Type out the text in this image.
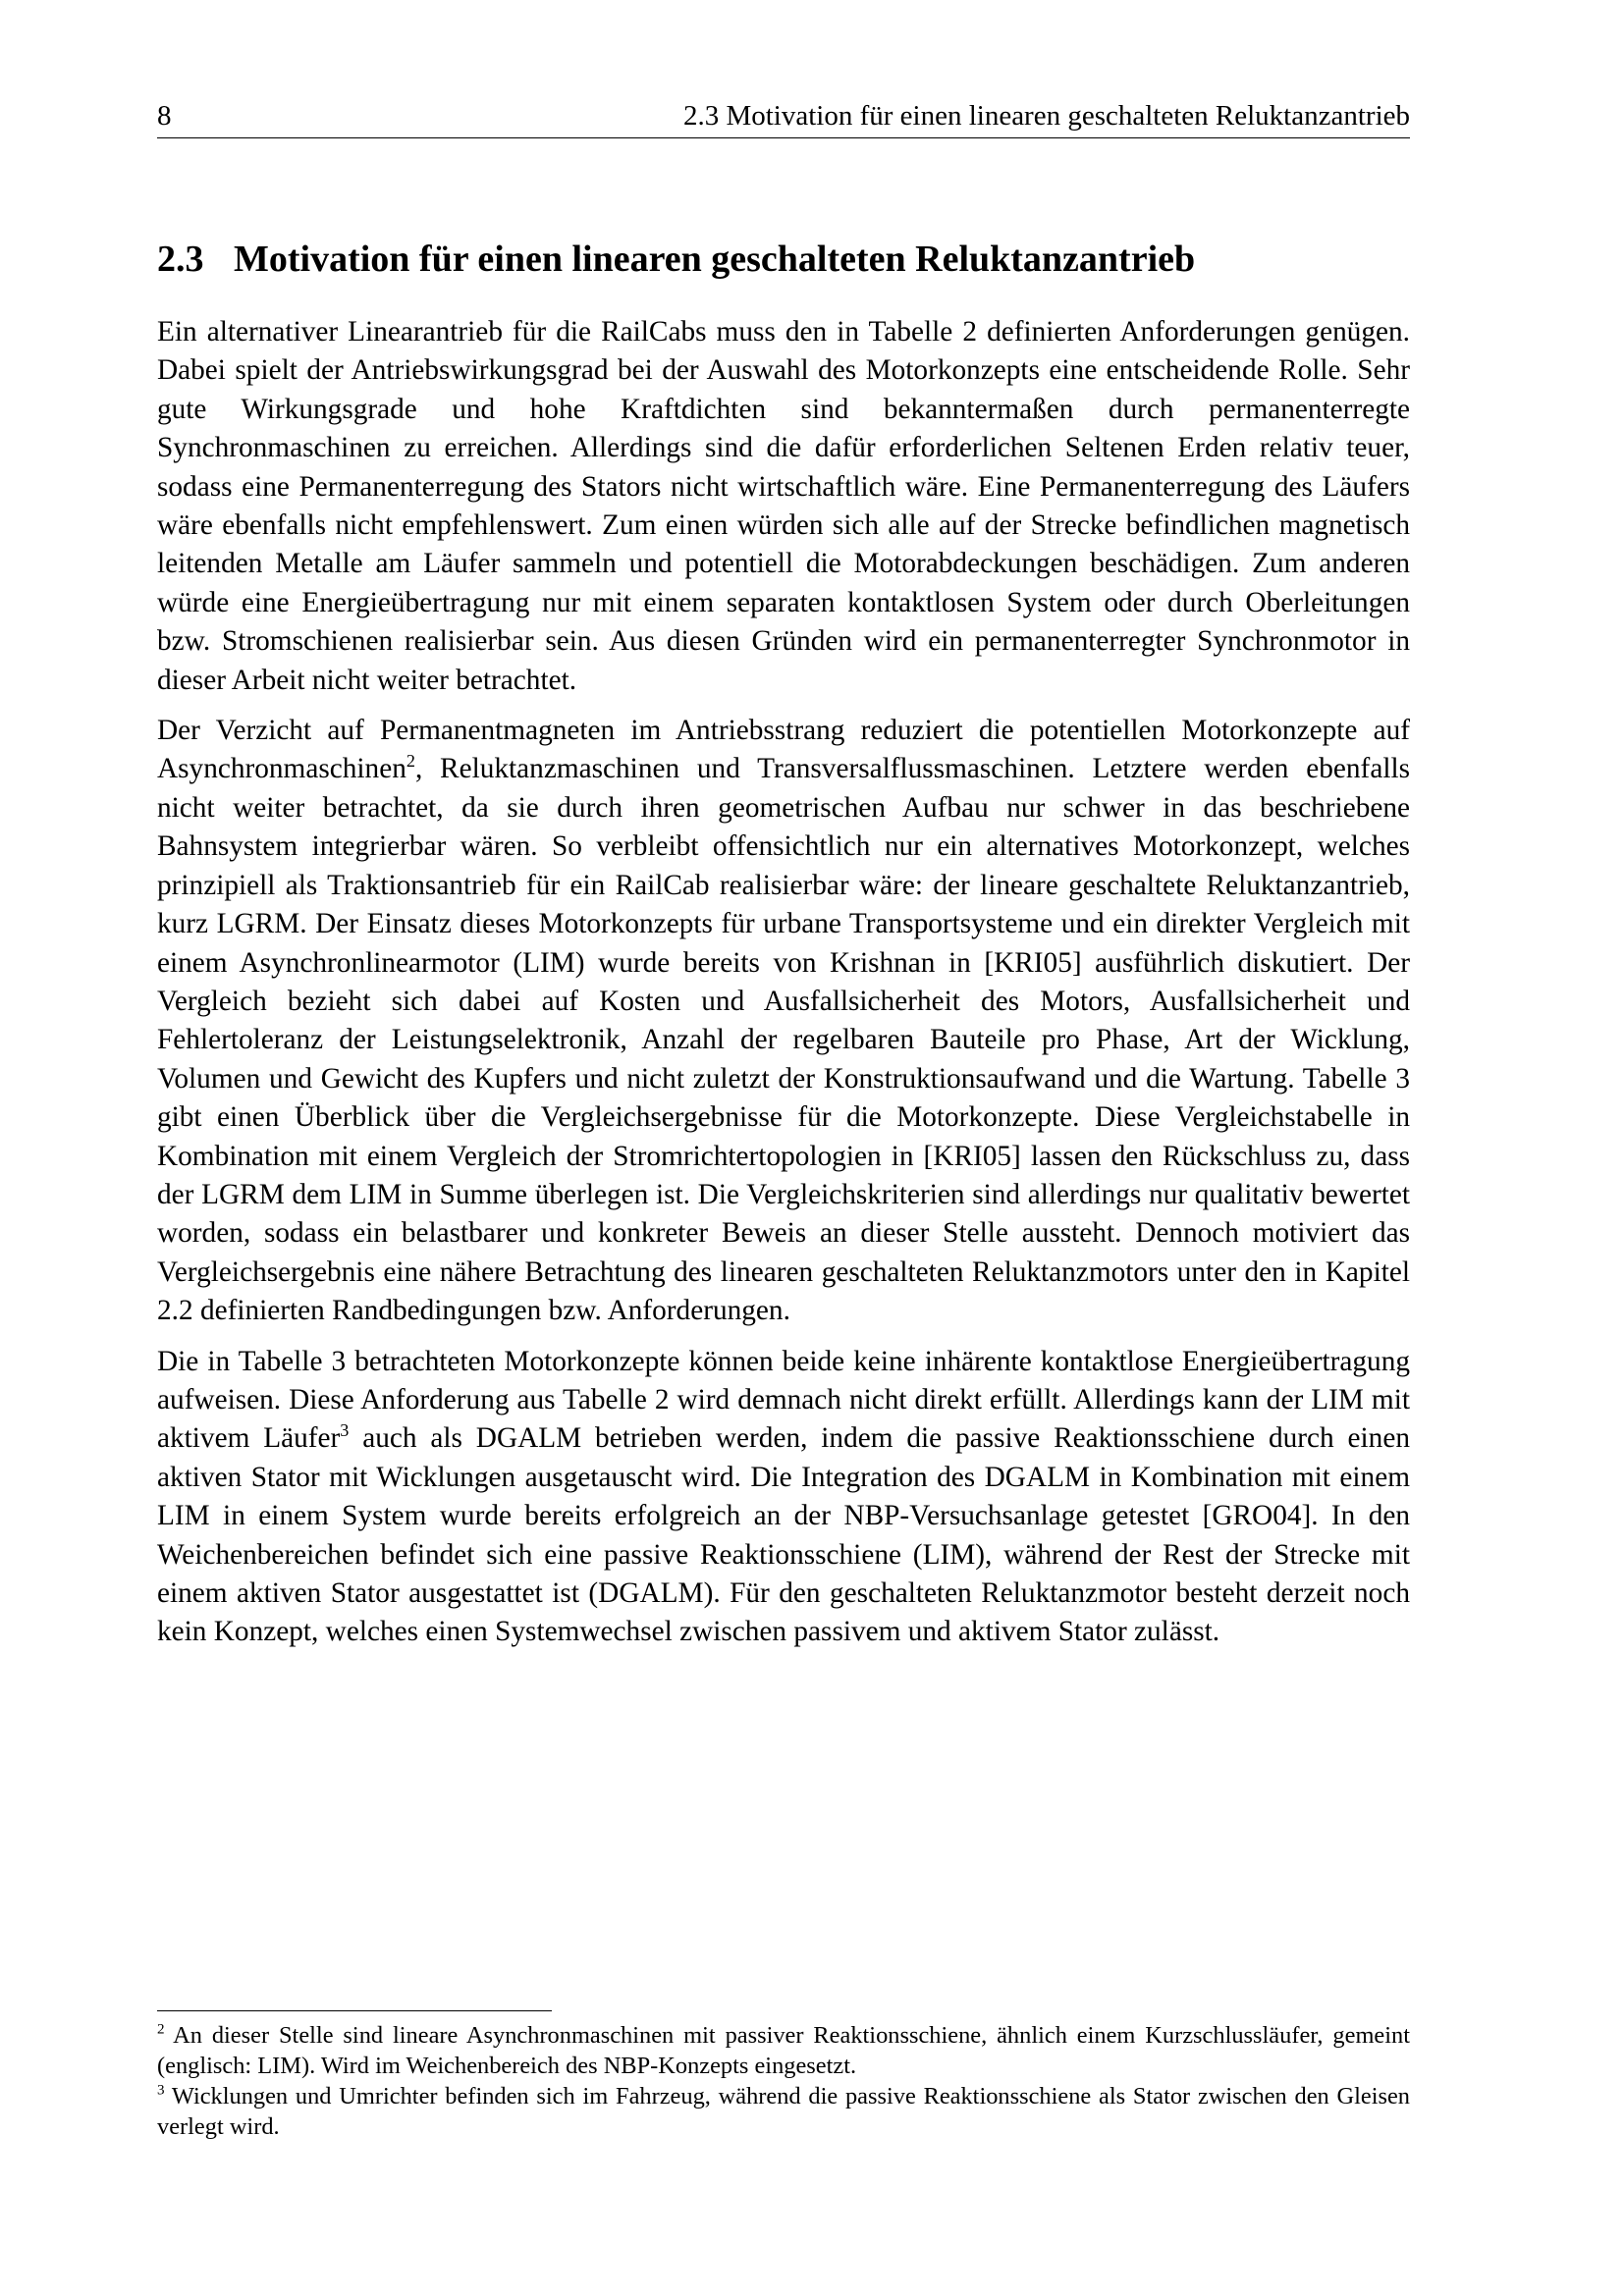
8	2.3 Motivation für einen linearen geschalteten Reluktanzantrieb
2.3 Motivation für einen linearen geschalteten Reluktanzantrieb

Ein alternativer Linearantrieb für die RailCabs muss den in Tabelle 2 definierten Anforderungen genügen. Dabei spielt der Antriebswirkungsgrad bei der Auswahl des Motorkonzepts eine entscheidende Rolle. Sehr gute Wirkungsgrade und hohe Kraftdichten sind bekanntermaßen durch permanenterregte Synchronmaschinen zu erreichen. Allerdings sind die dafür erforderlichen Seltenen Erden relativ teuer, sodass eine Permanenterregung des Stators nicht wirtschaftlich wäre. Eine Permanenterregung des Läufers wäre ebenfalls nicht empfehlenswert. Zum einen würden sich alle auf der Strecke befindlichen magnetisch leitenden Metalle am Läufer sammeln und potentiell die Motorabdeckungen beschädigen. Zum anderen würde eine Energieübertragung nur mit einem separaten kontaktlosen System oder durch Oberleitungen bzw. Stromschienen realisierbar sein. Aus diesen Gründen wird ein permanenterregter Synchronmotor in dieser Arbeit nicht weiter betrachtet.

Der Verzicht auf Permanentmagneten im Antriebsstrang reduziert die potentiellen Motorkonzepte auf Asynchronmaschinen$^2$, Reluktanzmaschinen und Transversalflussmaschinen. Letztere werden ebenfalls nicht weiter betrachtet, da sie durch ihren geometrischen Aufbau nur schwer in das beschriebene Bahnsystem integrierbar wären. So verbleibt offensichtlich nur ein alternatives Motorkonzept, welches prinzipiell als Traktionsantrieb für ein RailCab realisierbar wäre: der lineare geschaltete Reluktanzantrieb, kurz LGRM. Der Einsatz dieses Motorkonzepts für urbane Transportsysteme und ein direkter Vergleich mit einem Asynchronlinearmotor (LIM) wurde bereits von Krishnan in [KRI05] ausführlich diskutiert. Der Vergleich bezieht sich dabei auf Kosten und Ausfallsicherheit des Motors, Ausfallsicherheit und Fehlertoleranz der Leistungselektronik, Anzahl der regelbaren Bauteile pro Phase, Art der Wicklung, Volumen und Gewicht des Kupfers und nicht zuletzt der Konstruktionsaufwand und die Wartung. Tabelle 3 gibt einen Überblick über die Vergleichsergebnisse für die Motorkonzepte. Diese Vergleichstabelle in Kombination mit einem Vergleich der Stromrichtertopologien in [KRI05] lassen den Rückschluss zu, dass der LGRM dem LIM in Summe überlegen ist. Die Vergleichskriterien sind allerdings nur qualitativ bewertet worden, sodass ein belastbarer und konkreter Beweis an dieser Stelle aussteht. Dennoch motiviert das Vergleichsergebnis eine nähere Betrachtung des linearen geschalteten Reluktanzmotors unter den in Kapitel 2.2 definierten Randbedingungen bzw. Anforderungen.

Die in Tabelle 3 betrachteten Motorkonzepte können beide keine inhärente kontaktlose Energieübertragung aufweisen. Diese Anforderung aus Tabelle 2 wird demnach nicht direkt erfüllt. Allerdings kann der LIM mit aktivem Läufer$^3$ auch als DGALM betrieben werden, indem die passive Reaktionsschiene durch einen aktiven Stator mit Wicklungen ausgetauscht wird. Die Integration des DGALM in Kombination mit einem LIM in einem System wurde bereits erfolgreich an der NBP-Versuchsanlage getestet [GRO04]. In den Weichenbereichen befindet sich eine passive Reaktionsschiene (LIM), während der Rest der Strecke mit einem aktiven Stator ausgestattet ist (DGALM). Für den geschalteten Reluktanzmotor besteht derzeit noch kein Konzept, welches einen Systemwechsel zwischen passivem und aktivem Stator zulässt.

$^2$ An dieser Stelle sind lineare Asynchronmaschinen mit passiver Reaktionsschiene, ähnlich einem Kurzschlussläufer, gemeint (englisch: LIM). Wird im Weichenbereich des NBP-Konzepts eingesetzt.

$^3$ Wicklungen und Umrichter befinden sich im Fahrzeug, während die passive Reaktionsschiene als Stator zwischen den Gleisen verlegt wird.
